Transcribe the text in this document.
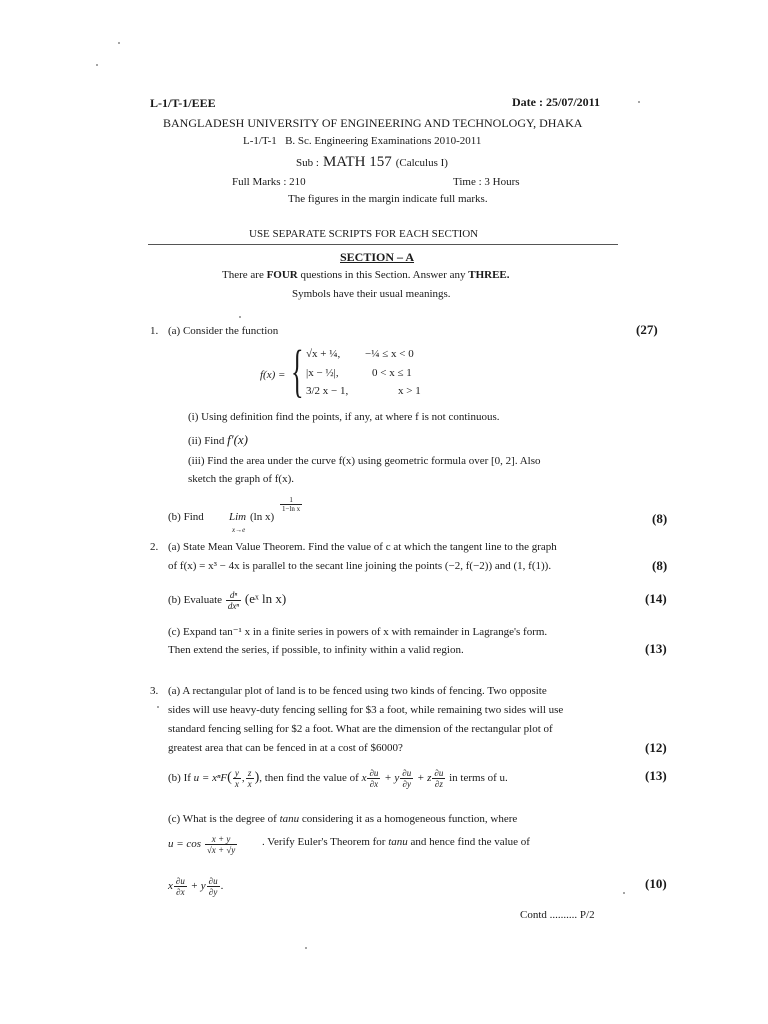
L-1/T-1/EEE	Date : 25/07/2011
BANGLADESH UNIVERSITY OF ENGINEERING AND TECHNOLOGY, DHAKA
L-1/T-1 B. Sc. Engineering Examinations 2010-2011
Sub : MATH 157 (Calculus I)
Full Marks : 210	Time : 3 Hours
The figures in the margin indicate full marks.
USE SEPARATE SCRIPTS FOR EACH SECTION
SECTION – A
There are FOUR questions in this Section. Answer any THREE.
Symbols have their usual meanings.
1. (a) Consider the function	(27)
f(x) = { √x + ¼, −¼ ≤ x < 0
|x − ½|,	0 < x ≤ 1
3/2 x − 1,	x > 1
(i) Using definition find the points, if any, at where f is not continuous.
(ii) Find f′(x)
(iii) Find the area under the curve f(x) using geometric formula over [0, 2]. Also
sketch the graph of f(x).
(b) Find Lim
x→e
(ln x)
$\frac{1}{\text{1−ln x}}$
(8)
2. (a) State Mean Value Theorem. Find the value of c at which the tangent line to the graph
of f(x) = x³ − 4x is parallel to the secant line joining the points (−2, f(−2)) and (1, f(1)).	(8)
(b) Evaluate $\frac{\text{dⁿ}}{\text{dxⁿ}}$ (eˣ ln x)	(14)
(c) Expand tan⁻¹ x in a finite series in powers of x with remainder in Lagrange's form.
Then extend the series, if possible, to infinity within a valid region.	(13)
3. (a) A rectangular plot of land is to be fenced using two kinds of fencing. Two opposite
sides will use heavy-duty fencing selling for $3 a foot, while remaining two sides will use
standard fencing selling for $2 a foot. What are the dimension of the rectangular plot of
greatest area that can be fenced in at a cost of $6000?	(12)
(b) If $u = x^nF( \frac{y}{x}$ , $\frac{z}{x}$ ), then find the value of x $\frac{\partial u}{\partial x} + y \frac{\partial u}{\partial y} + z \frac{\partial u}{\partial z}$ in terms of u.	(13)
(c) What is the degree of tanu considering it as a homogeneous function, where
$u = \cos \frac{x + y}{√x + √y}$ . Verify Euler's Theorem for tanu and hence find the value of
x $\frac{\partial u}{\partial x} + y \frac{\partial u}{\partial y}$ .	(10)
Contd .......... P/2
